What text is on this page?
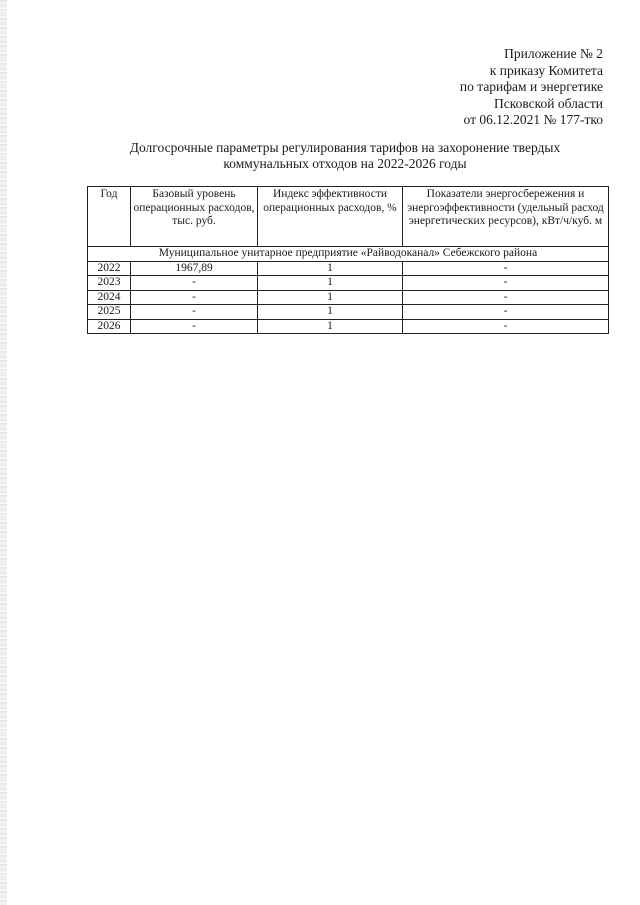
Приложение № 2
к приказу Комитета
по тарифам и энергетике
Псковской области
от 06.12.2021 № 177-тко
Долгосрочные параметры регулирования тарифов на захоронение твердых
коммунальных отходов на 2022-2026 годы
Год	Базовый уровень операционных расходов, тыс. руб.	Индекс эффективности операционных расходов, %	Показатели энергосбережения и энергоэффективности (удельный расход энергетических ресурсов), кВт/ч/куб. м
Муниципальное унитарное предприятие «Райводоканал» Себежского района			
2022	1967,89	1	-
2023	-	1	-
2024	-	1	-
2025	-	1	-
2026	-	1	-
